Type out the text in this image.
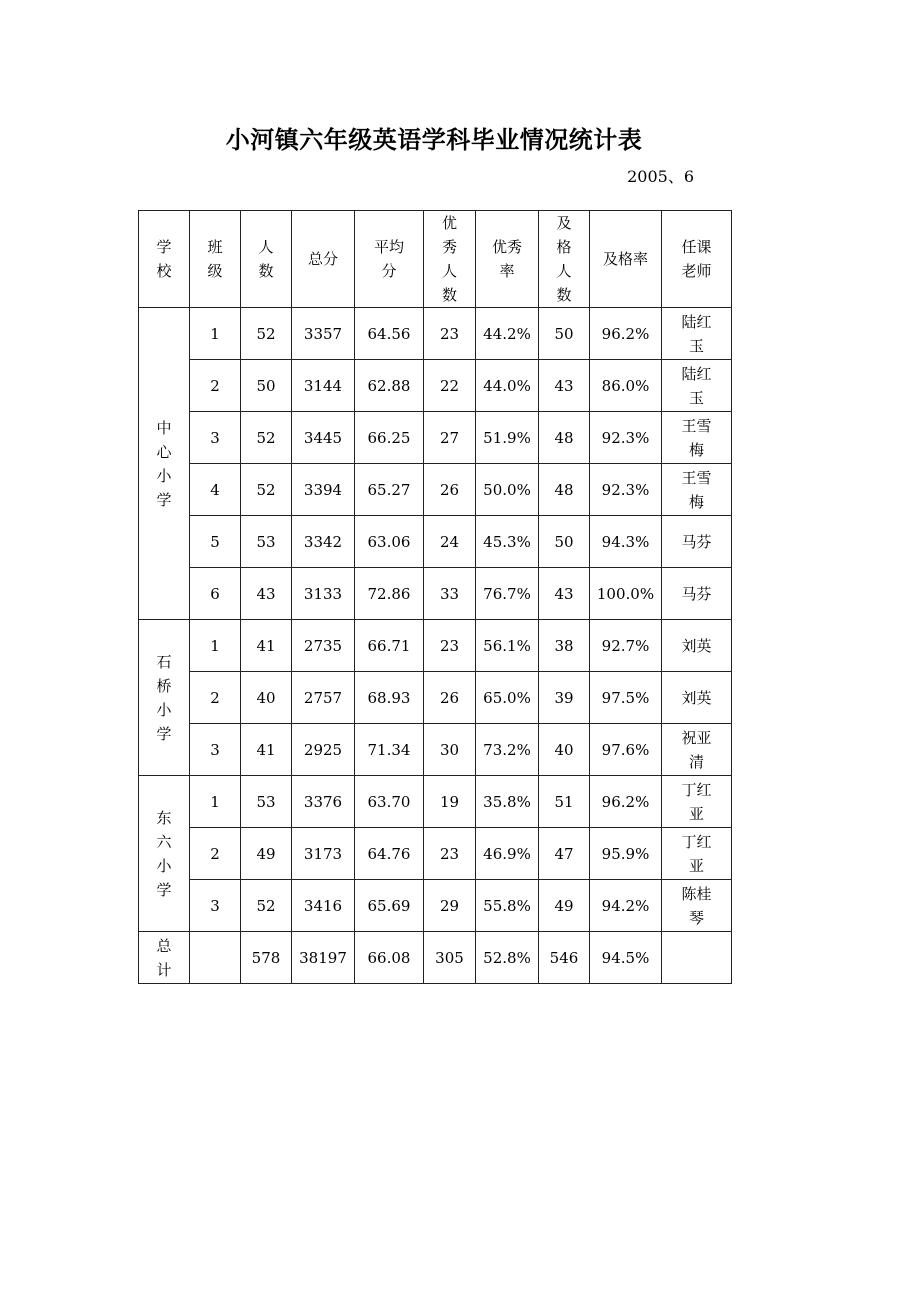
小河镇六年级英语学科毕业情况统计表
2005、6
学校	班级	人数	总分	平均分	优秀人数	优秀率	及格人数	及格率	任课老师
中心小学	1	52	3357	64.56	23	44.2%	50	96.2%	陆红玉
	2	50	3144	62.88	22	44.0%	43	86.0%	陆红玉
	3	52	3445	66.25	27	51.9%	48	92.3%	王雪梅
	4	52	3394	65.27	26	50.0%	48	92.3%	王雪梅
	5	53	3342	63.06	24	45.3%	50	94.3%	马芬
	6	43	3133	72.86	33	76.7%	43	100.0%	马芬
石桥小学	1	41	2735	66.71	23	56.1%	38	92.7%	刘英
	2	40	2757	68.93	26	65.0%	39	97.5%	刘英
	3	41	2925	71.34	30	73.2%	40	97.6%	祝亚清
东六小学	1	53	3376	63.70	19	35.8%	51	96.2%	丁红亚
	2	49	3173	64.76	23	46.9%	47	95.9%	丁红亚
	3	52	3416	65.69	29	55.8%	49	94.2%	陈桂琴
总计		578	38197	66.08	305	52.8%	546	94.5%	
